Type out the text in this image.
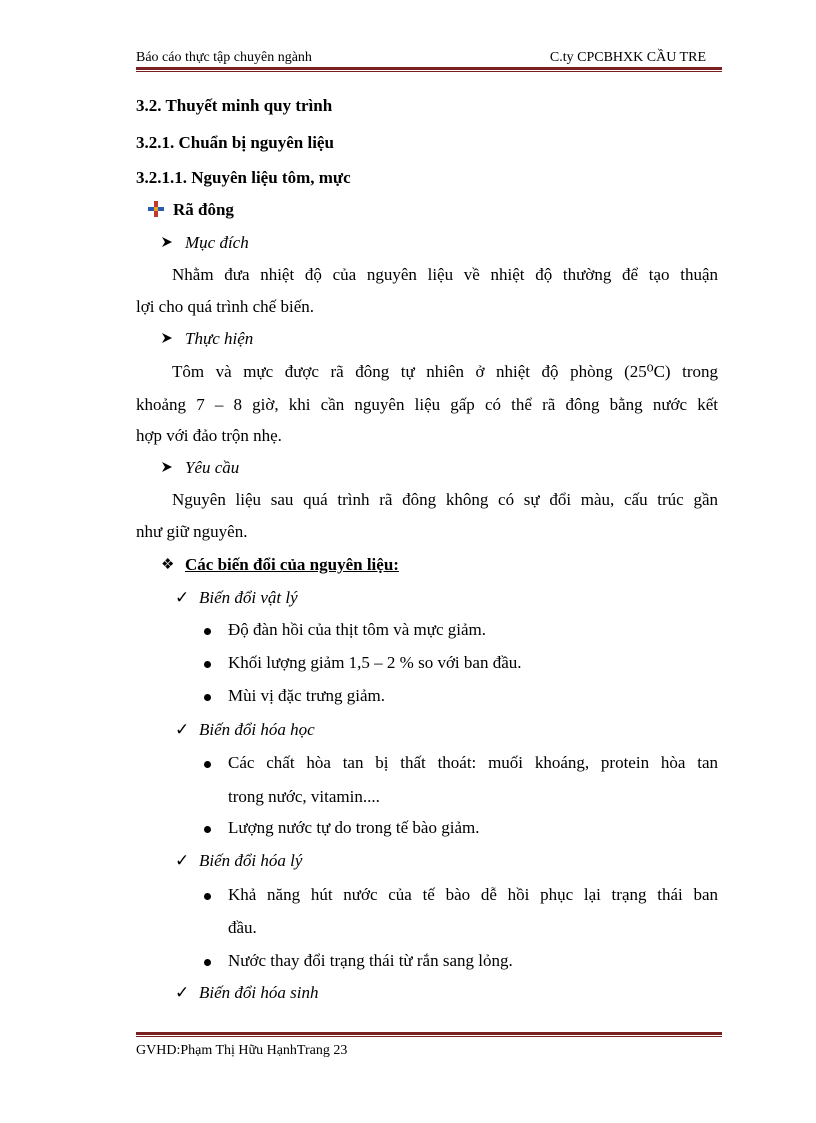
Báo cáo thực tập chuyên ngành	C.ty CPCBHXK CẦU TRE
3.2. Thuyết minh quy trình
3.2.1. Chuẩn bị nguyên liệu
3.2.1.1. Nguyên liệu tôm, mực
Rã đông
Mục đích
Nhằm đưa nhiệt độ của nguyên liệu về nhiệt độ thường để tạo thuận
lợi cho quá trình chế biến.
Thực hiện
Tôm và mực được rã đông tự nhiên ở nhiệt độ phòng (25⁰C) trong
khoảng 7 – 8 giờ, khi cần nguyên liệu gấp có thể rã đông bằng nước kết
hợp với đảo trộn nhẹ.
Yêu cầu
Nguyên liệu sau quá trình rã đông không có sự đổi màu, cấu trúc gần
như giữ nguyên.
❖ Các biến đổi của nguyên liệu:
✓ Biến đổi vật lý
Độ đàn hồi của thịt tôm và mực giảm.
Khối lượng giảm 1,5 – 2 % so với ban đầu.
Mùi vị đặc trưng giảm.
✓ Biến đổi hóa học
Các chất hòa tan bị thất thoát: muối khoáng, protein hòa tan
trong nước, vitamin....
Lượng nước tự do trong tế bào giảm.
✓ Biến đổi hóa lý
Khả năng hút nước của tế bào dễ hồi phục lại trạng thái ban
đầu.
Nước thay đổi trạng thái từ rắn sang lỏng.
✓ Biến đổi hóa sinh
GVHD:Phạm Thị Hữu HạnhTrang 23
